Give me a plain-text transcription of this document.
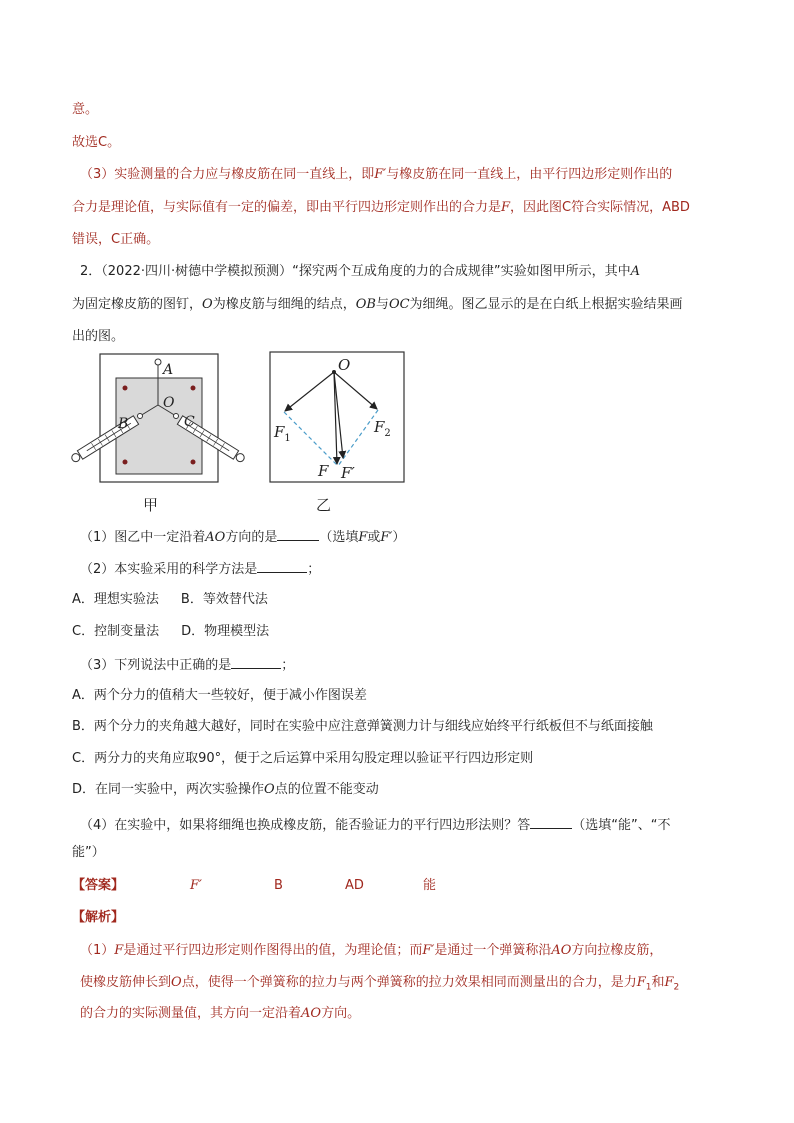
意。
故选C。
（3）实验测量的合力应与橡皮筋在同一直线上，即F′与橡皮筋在同一直线上，由平行四边形定则作出的
合力是理论值，与实际值有一定的偏差，即由平行四边形定则作出的合力是F，因此图C符合实际情况，ABD
错误，C正确。
2．（2022·四川·树德中学模拟预测）“探究两个互成角度的力的合成规律”实验如图甲所示，其中A
为固定橡皮筋的图钉，O为橡皮筋与细绳的结点，OB与OC为细绳。图乙显示的是在白纸上根据实验结果画
出的图。
A
O
B	C
甲
O
$F_1$
$F_2$
F F′
乙
（1）图乙中一定沿着AO方向的是	（选填F或F′）
（2）本实验采用的科学方法是	；
A．理想实验法 B．等效替代法
C．控制变量法 D．物理模型法
（3）下列说法中正确的是	；
A．两个分力的值稍大一些较好，便于减小作图误差
B．两个分力的夹角越大越好，同时在实验中应注意弹簧测力计与细线应始终平行纸板但不与纸面接触
C．两分力的夹角应取90°，便于之后运算中采用勾股定理以验证平行四边形定则
D．在同一实验中，两次实验操作O点的位置不能变动
（4）在实验中，如果将细绳也换成橡皮筋，能否验证力的平行四边形法则？答	（选填“能”、“不
能”）
【答案】	F′	B	AD	能
【解析】
（1）F是通过平行四边形定则作图得出的值，为理论值；而F′是通过一个弹簧称沿AO方向拉橡皮筋，
使橡皮筋伸长到O点，使得一个弹簧称的拉力与两个弹簧称的拉力效果相同而测量出的合力，是力$F_1$和$F_2$
的合力的实际测量值，其方向一定沿着AO方向。
